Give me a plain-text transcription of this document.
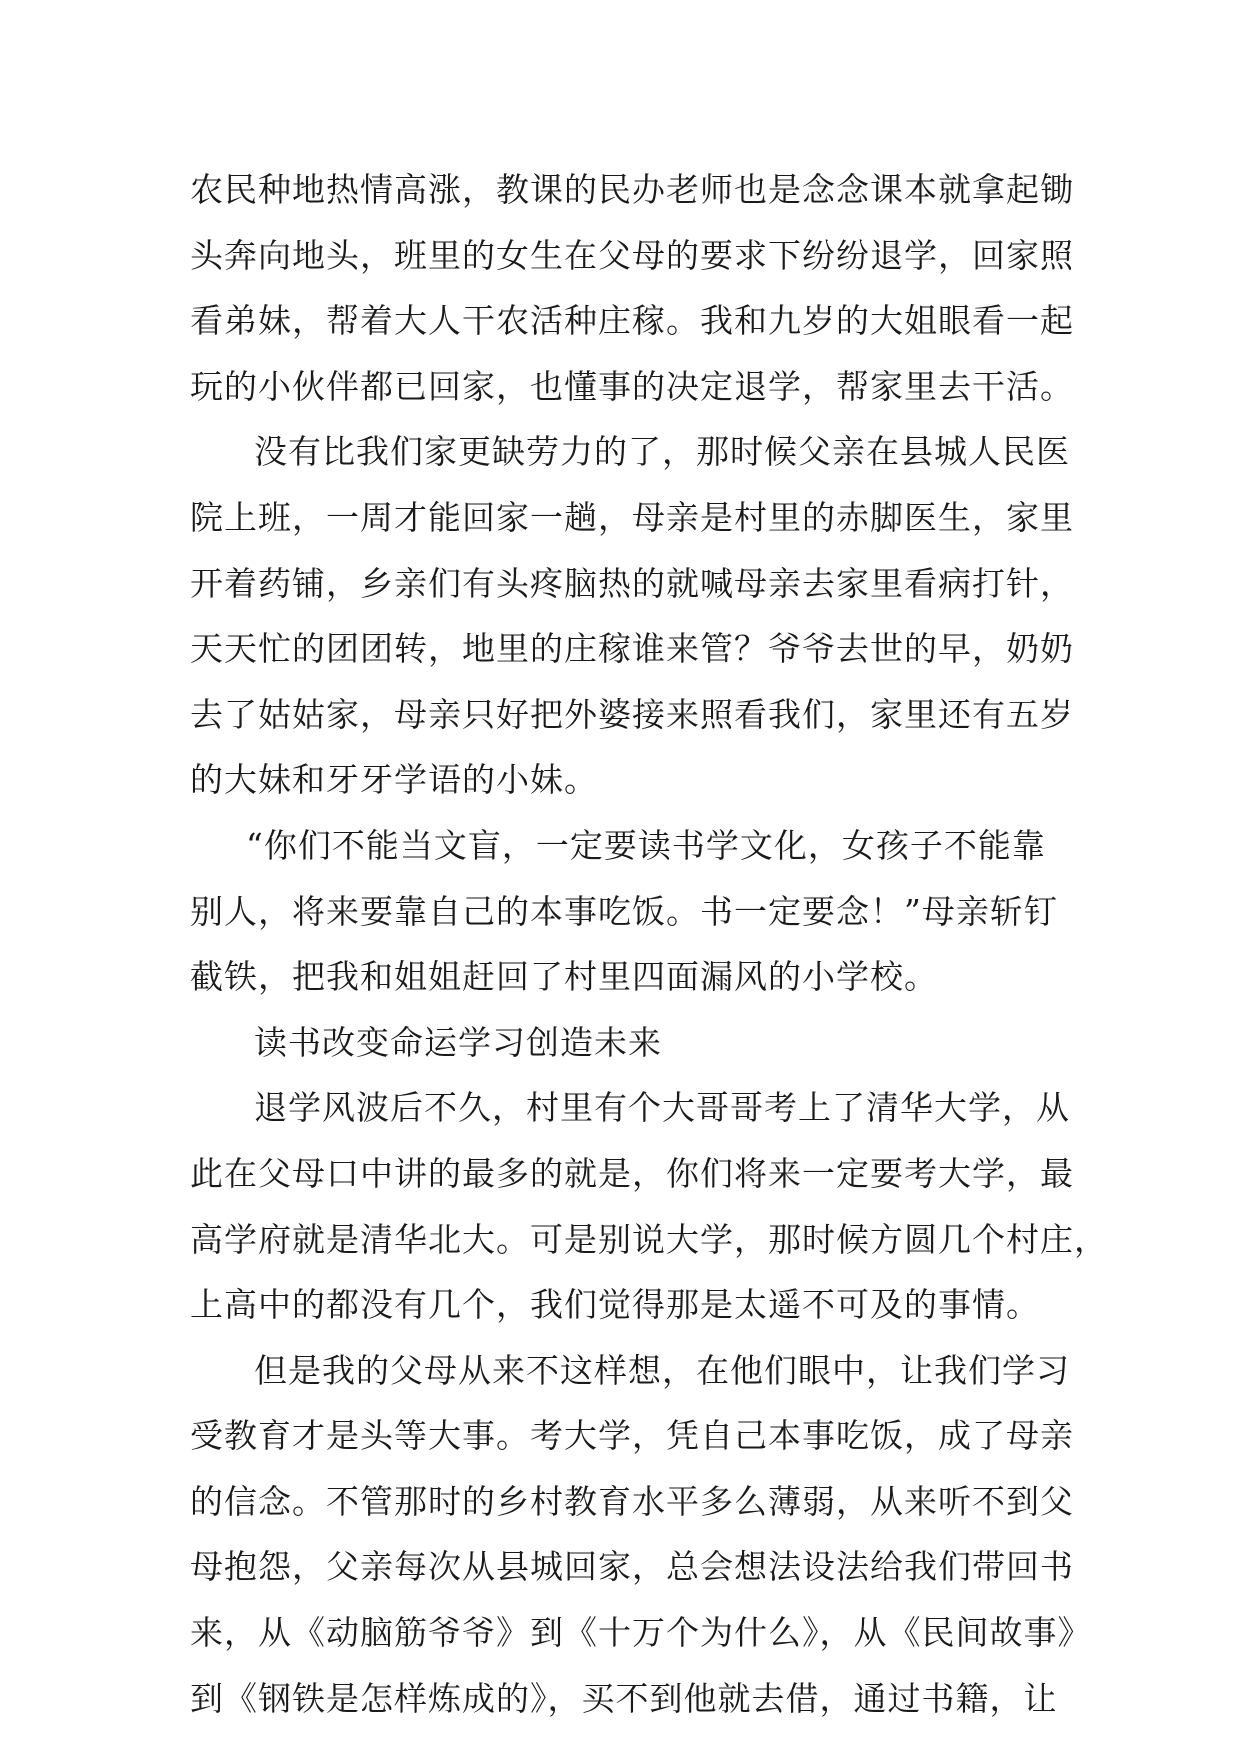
农民种地热情高涨，教课的民办老师也是念念课本就拿起锄
头奔向地头，班里的女生在父母的要求下纷纷退学，回家照
看弟妹，帮着大人干农活种庄稼。我和九岁的大姐眼看一起
玩的小伙伴都已回家，也懂事的决定退学，帮家里去干活。
没有比我们家更缺劳力的了，那时候父亲在县城人民医
院上班，一周才能回家一趟，母亲是村里的赤脚医生，家里
开着药铺，乡亲们有头疼脑热的就喊母亲去家里看病打针，
天天忙的团团转，地里的庄稼谁来管？爷爷去世的早，奶奶
去了姑姑家，母亲只好把外婆接来照看我们，家里还有五岁
的大妹和牙牙学语的小妹。
“你们不能当文盲，一定要读书学文化，女孩子不能靠
别人，将来要靠自己的本事吃饭。书一定要念！”母亲斩钉
截铁，把我和姐姐赶回了村里四面漏风的小学校。
读书改变命运学习创造未来
退学风波后不久，村里有个大哥哥考上了清华大学，从
此在父母口中讲的最多的就是，你们将来一定要考大学，最
高学府就是清华北大。可是别说大学，那时候方圆几个村庄，
上高中的都没有几个，我们觉得那是太遥不可及的事情。
但是我的父母从来不这样想，在他们眼中，让我们学习
受教育才是头等大事。考大学，凭自己本事吃饭，成了母亲
的信念。不管那时的乡村教育水平多么薄弱，从来听不到父
母抱怨，父亲每次从县城回家，总会想法设法给我们带回书
来，从《动脑筋爷爷》到《十万个为什么》，从《民间故事》
到《钢铁是怎样炼成的》，买不到他就去借，通过书籍，让
